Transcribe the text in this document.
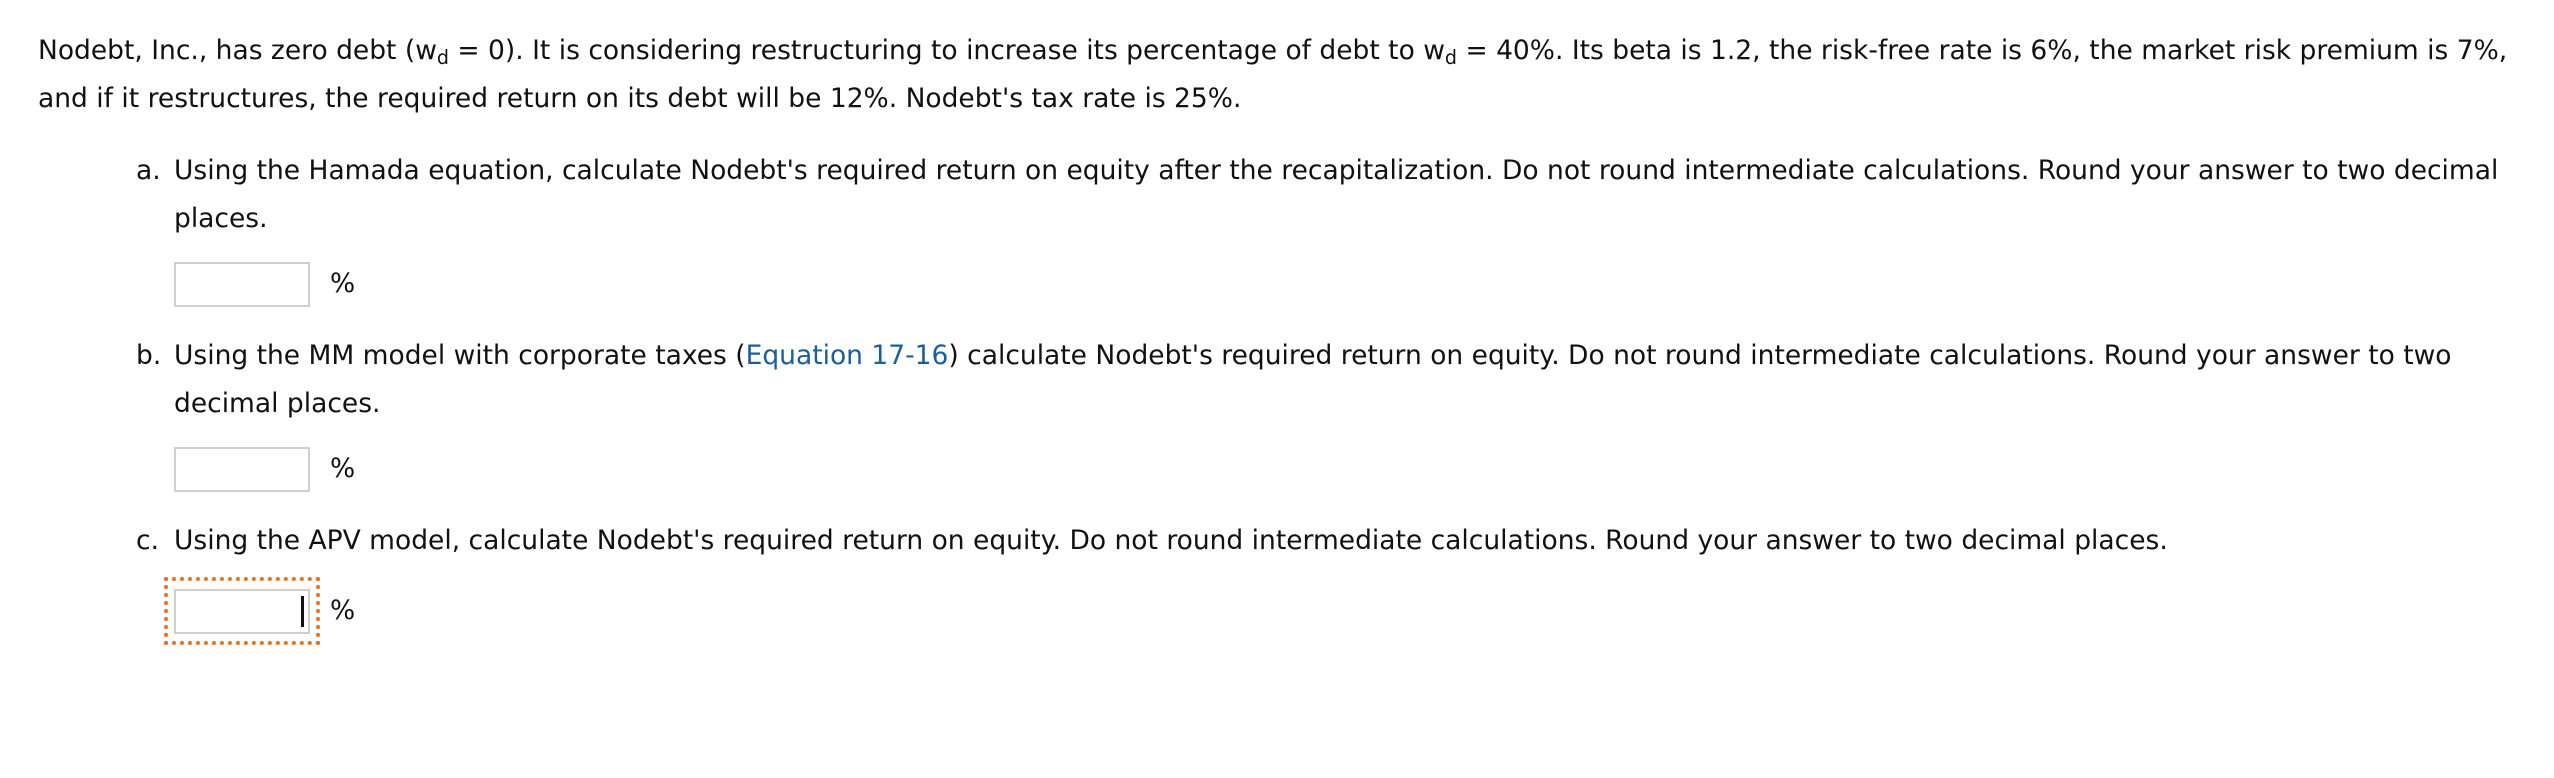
Nodebt, Inc., has zero debt $(w_d = 0)$. It is considering restructuring to increase its percentage of debt to $w_d = 40\%$. Its beta is 1.2, the risk-free rate is 6%, the market risk premium is 7%, and if it restructures, the required return on its debt will be 12%. Nodebt's tax rate is 25%.

a. Using the Hamada equation, calculate Nodebt's required return on equity after the recapitalization. Do not round intermediate calculations. Round your answer to two decimal places.
%
b. Using the MM model with corporate taxes (Equation 17-16) calculate Nodebt's required return on equity. Do not round intermediate calculations. Round your answer to two decimal places.
%
c. Using the APV model, calculate Nodebt's required return on equity. Do not round intermediate calculations. Round your answer to two decimal places.
%
